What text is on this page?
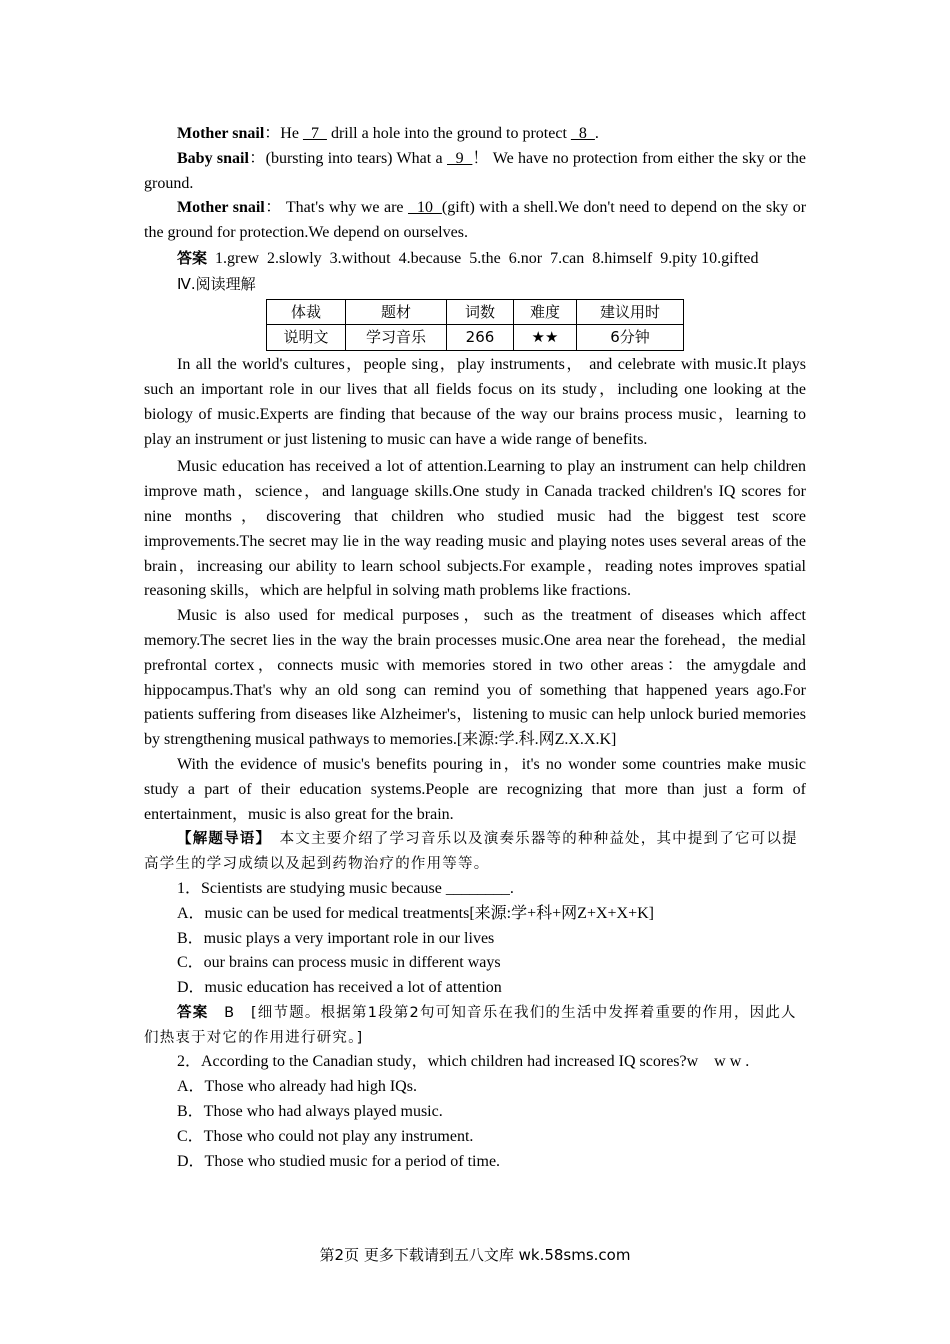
Mother snail：He   7   drill a hole into the ground to protect   8  .

Baby snail：(bursting into tears) What a   9  ！ We have no protection from either the sky or the ground.

Mother snail： That's why we are   10  (gift) with a shell.We don't need to depend on the sky or the ground for protection.We depend on ourselves.

答案  1.grew  2.slowly  3.without  4.because  5.the  6.nor  7.can  8.himself  9.pity 10.gifted

Ⅳ.阅读理解
体裁	题材	词数	难度	建议用时
说明文	学习音乐	266	★★	6分钟

In all the world's cultures，people sing，play instruments， and celebrate with music.It plays such an important role in our lives that all fields focus on its study，including one looking at the biology of music.Experts are finding that because of the way our brains process music，learning to play an instrument or just listening to music can have a wide range of benefits.

Music education has received a lot of attention.Learning to play an instrument can help children improve math，science，and language skills.One study in Canada tracked children's IQ scores for nine months，discovering that children who studied music had the biggest test score improvements.The secret may lie in the way reading music and playing notes uses several areas of the brain，increasing our ability to learn school subjects.For example，reading notes improves spatial reasoning skills，which are helpful in solving math problems like fractions.

Music is also used for medical purposes，such as the treatment of diseases which affect memory.The secret lies in the way the brain processes music.One area near the forehead，the medial prefrontal cortex，connects music with memories stored in two other areas：the amygdale and hippocampus.That's why an old song can remind you of something that happened years ago.For patients suffering from diseases like Alzheimer's，listening to music can help unlock buried memories by strengthening musical pathways to memories.[来源:学.科.网Z.X.X.K]

With the evidence of music's benefits pouring in，it's no wonder some countries make music study a part of their education systems.People are recognizing that more than just a form of entertainment，music is also great for the brain.

【解题导语】　本文主要介绍了学习音乐以及演奏乐器等的种种益处，其中提到了它可以提高学生的学习成绩以及起到药物治疗的作用等等。

1．Scientists are studying music because ________.

A．music can be used for medical treatments[来源:学+科+网Z+X+X+K]
B．music plays a very important role in our lives
C．our brains can process music in different ways
D．music education has received a lot of attention

答案　B　[细节题。根据第1段第2句可知音乐在我们的生活中发挥着重要的作用，因此人们热衷于对它的作用进行研究。]

2．According to the Canadian study，which children had increased IQ scores?w　w w .

A．Those who already had high IQs.
B．Those who had always played music.
C．Those who could not play any instrument.
D．Those who studied music for a period of time.
第2页 更多下载请到五八文库 wk.58sms.com
